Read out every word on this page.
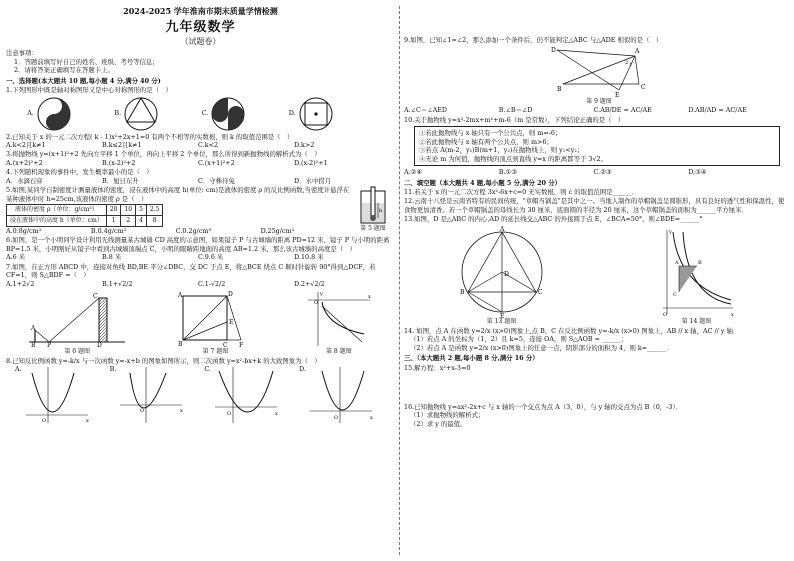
2024-2025 学年淮南市期末质量学情检测
九年级数学
（试题卷）
注意事项：
1．答题前填写好自己的姓名、班级、考号等信息；
2．请将答案正确填写在答题卡上。
一、选择题(本大题共 10 题,每小题 4 分,满分 40 分)
1.下列图形中既是轴对称图形又是中心对称图形的是（　）
A.	B.	C.	D.
2.已知关于 x 的一元二次方程( k - 1)x²+2x+1=0 有两个不相等的实数根，则 k 的取值范围是（　）
A.k<2且k≠1	B.k≤2且k≠1	C.k<2	D.k>2
3.将抛物线 y=(x+1)²+2 先向左平移 1 个单位，再向上平移 2 个单位，那么所得到新抛物线的解析式为（　）
A.(x+2)²+2	B.(x-2)²+2	C.(x+1)²+2	D.(x-2)²+1
4.下列随机现象的事件中，发生概率最小的是（　）
A．水滴石穿	B．旭日东升	C．守株待兔	D．水中捞月
5.如图,某同学自制密度计测量液体的密度，浸在液体中的高度 h(单位: cm)是液体的密度 ρ 的反比例函数,当密度计悬浮在某种液体中时 h=25cm,该液体的密度 ρ 是（　）
液体的密度 ρ（单位：g/cm³）	20	10	5	2.5
浸在液体中的高度 h（单位：cm）	1	2	4	8
A.0.8g/cm³	B.0.4g/cm³	C.0.2g/cm³	D.25g/cm³
h
第 5 题图
6.如图，是一个小明同学设计利用光线测量某古城墙 CD 高度的示意图，如果镜子 P 与古城墙的距离 PD=12 米，镜子 P 与小明的距离 BP=1.5 米，小明刚好从镜子中看到古城墙顶端点 C，小明的眼睛距地面的高度 AB=1.2 米，那么该古城墙的高度是（　）
A.6 米	B.8 米	C.9.6 米	D.10.8 米
7.如图，在正方形 ABCD 中，连接对角线 BD,BE 平分∠DBC，交 DC 于点 E，将△BCE 绕点 C 顺时针旋转 90°得到△DCF，若 CF=1，则 S△BDF =（　）
A.1+2√2	B.1+√2/2	C.1-√2/2	D.2+√2/2
A
B P
C
D
第 6 题图
A	D
B	C
E
F
第 7 题图
O
x
y
第 8 题图
8.已知反比例函数 y=-k/x 与一次函数 y=-x+b 的图象如图所示，则二次函数 y=x²-bx+k 的大致图象为（　）
A.
O	x
B.
O	x
C.
O	x
D.
O	x
9.如图，已知∠1=∠2，那么添加一个条件后，仍不能判定△ABC 与△ADE 相似的是（　）
D	A
B	C
E
2 1
第 9 题图
A.∠C＝∠AED	B.∠B＝∠D	C.AB/DE = AC/AE	D.AB/AD = AC/AE
10.关于抛物线 y=x²-2mx+m²+m-6（m 是常数），下列结论正确的是（　）
①若此抛物线与 x 轴只有一个公共点，则 m=-6；
②若此抛物线与 x 轴有两个公共点，则 m>6；
③若点 A(m-2，y₁)B(m+1，y₂)在抛物线上，则 y₁<y₂；
④无论 m 为何值，抛物线的顶点到直线 y=x 的距离都等于 3√2。
A.②④	B.①③	C.②③	D.③④
二、填空题（本大题共 4 题,每小题 5 分,满分 20 分）
11.若关于 x 的一元二次方程 3x²-6x+c=0 无实数根，则 c 的取值范围是______．
12.云南十八怪是云南省特有的民间传统，"草帽当锅盖"是其中之一。当地人制作的草帽锅盖呈圆锥形，具有良好的透气性和保温性，使食物更加清香。若一个草帽锅盖的母线长为 30 厘米，底面圆的半径为 20 厘米，这个草帽锅盖的面积为______平方厘米．
13.如图，D 是△ABC 的内心,AD 的延长线交△ABC 的外接圆于点 E，∠BCA=50°，则∠BDE=______°
A
B	C
D
E
第 13 题图
O	x
y
A	B
C
第 14 题图
14. 如图，点 A 在函数 y=2/x (x>0)图象上,点 B、C 在反比例函数 y=-k/x (x>0) 图象上，AB // x 轴，AC // y 轴．
（1）若点 A 的坐标为（1，2）且 k=5，连接 OA，则 S△AOB = ______；
（2）若点 A 是函数 y=2/x (x>0)图象上的任意一点，阴影部分的面积为 4，则 k=______．
三、（本大题共 2 题,每小题 8 分,满分 16 分）
15.解方程：x²+x-3=0
16.已知抛物线 y=ax²-2x+c 与 x 轴的一个交点为点 A（3，0），与 y 轴的交点为点 B（0，-3）．
（1）求抛物线的解析式；
（2）求 y 的最值。
